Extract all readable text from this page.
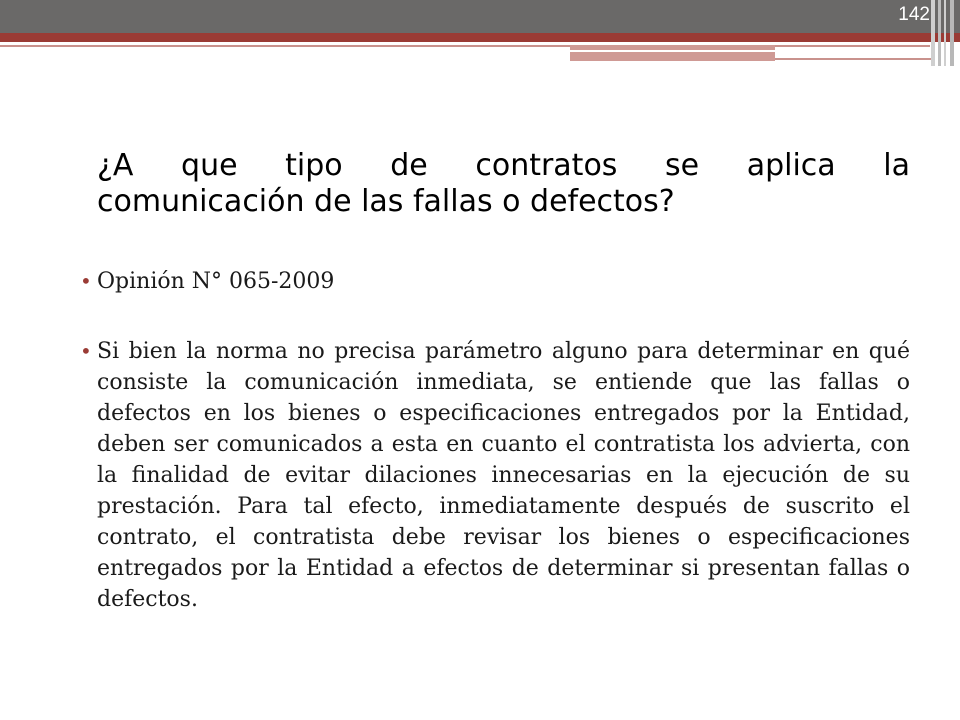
142
¿A que tipo de contratos se aplica la
comunicación de las fallas o defectos?
• Opinión N° 065-2009
• Si bien la norma no precisa parámetro alguno para determinar en qué consiste la comunicación inmediata, se entiende que las fallas o defectos en los bienes o especificaciones entregados por la Entidad, deben ser comunicados a esta en cuanto el contratista los advierta, con la finalidad de evitar dilaciones innecesarias en la ejecución de su prestación. Para tal efecto, inmediatamente después de suscrito el contrato, el contratista debe revisar los bienes o especificaciones entregados por la Entidad a efectos de determinar si presentan fallas o defectos.
